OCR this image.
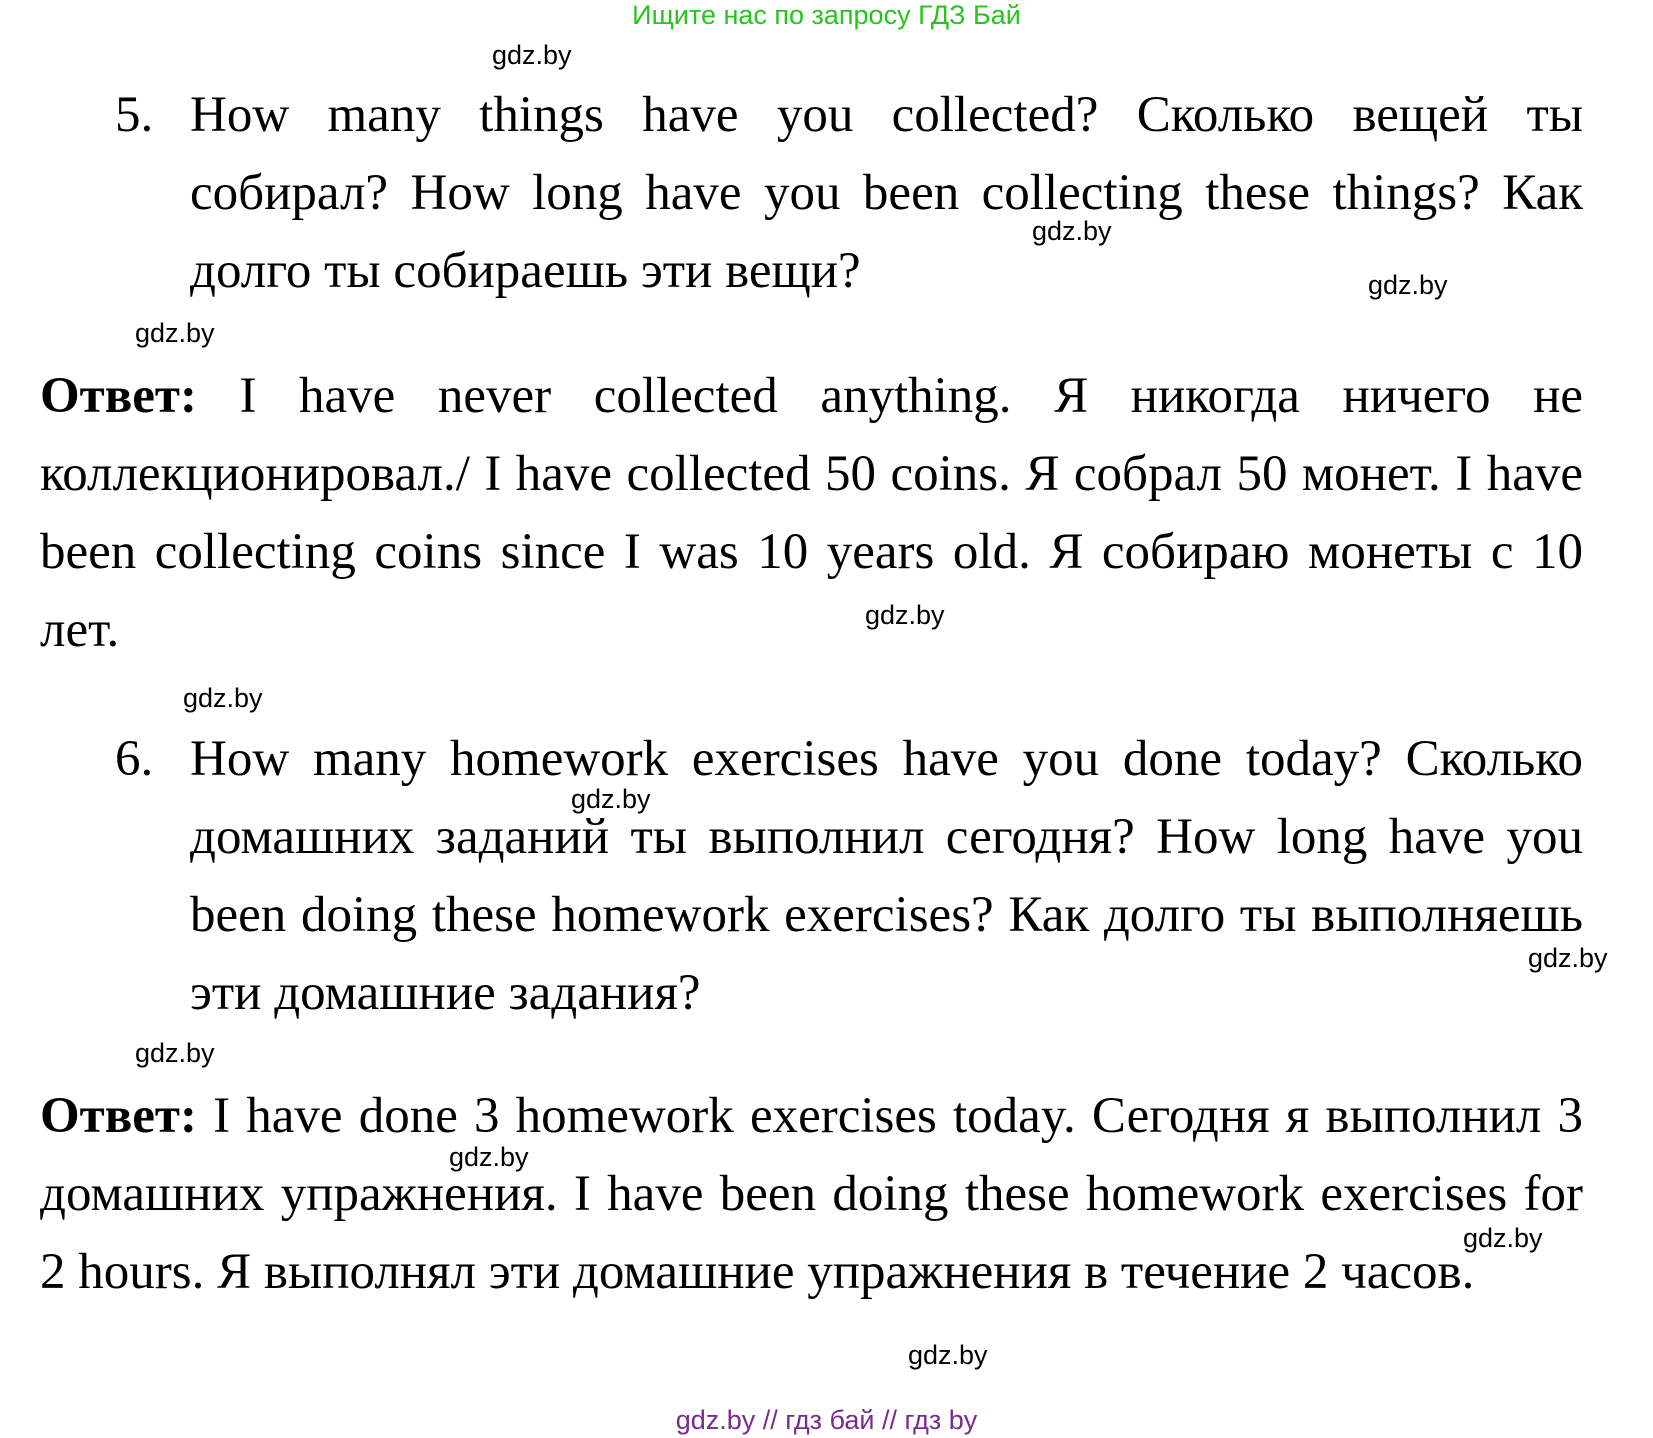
Ищите нас по запросу ГДЗ Бай
gdz.by
gdz.by
gdz.by
gdz.by
gdz.by
gdz.by
gdz.by
gdz.by
gdz.by
gdz.by
gdz.by
gdz.by
5. How many things have you collected? Сколько вещей ты собирал? How long have you been collecting these things? Как долго ты собираешь эти вещи?
Ответ: I have never collected anything. Я никогда ничего не коллекционировал./ I have collected 50 coins. Я собрал 50 монет. I have been collecting coins since I was 10 years old. Я собираю монеты с 10 лет.
6. How many homework exercises have you done today? Сколько домашних заданий ты выполнил сегодня? How long have you been doing these homework exercises? Как долго ты выполняешь эти домашние задания?
Ответ: I have done 3 homework exercises today. Сегодня я выполнил 3 домашних упражнения. I have been doing these homework exercises for 2 hours. Я выполнял эти домашние упражнения в течение 2 часов.
gdz.by // гдз бай // гдз by
